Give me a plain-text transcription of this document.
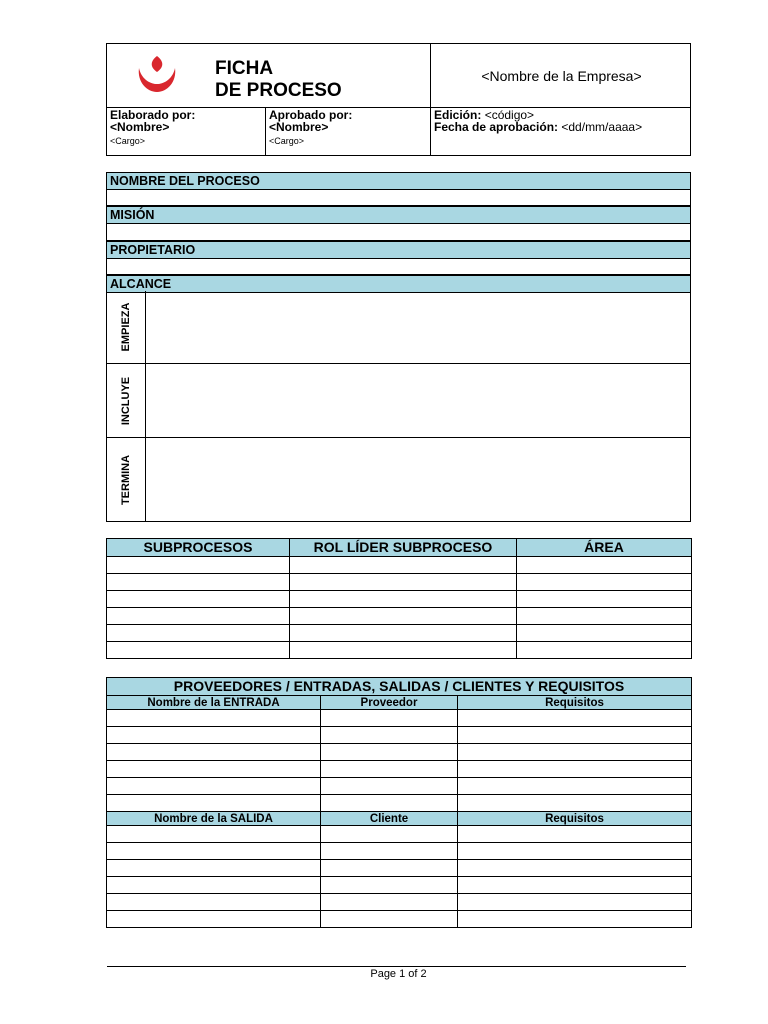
FICHA
DE PROCESO
<Nombre de la Empresa>
Elaborado por:
<Nombre>
<Cargo>
Aprobado por:
<Nombre>
<Cargo>
Edición: <código>
Fecha de aprobación: <dd/mm/aaaa>
NOMBRE DEL PROCESO
MISIÓN
PROPIETARIO
ALCANCE
EMPIEZA
INCLUYE
TERMINA
SUBPROCESOS	ROL LÍDER SUBPROCESO	ÁREA

PROVEEDORES / ENTRADAS, SALIDAS / CLIENTES Y REQUISITOS		
Nombre de la ENTRADA	Proveedor	Requisitos

Nombre de la SALIDA	Cliente	Requisitos

Page 1 of 2
